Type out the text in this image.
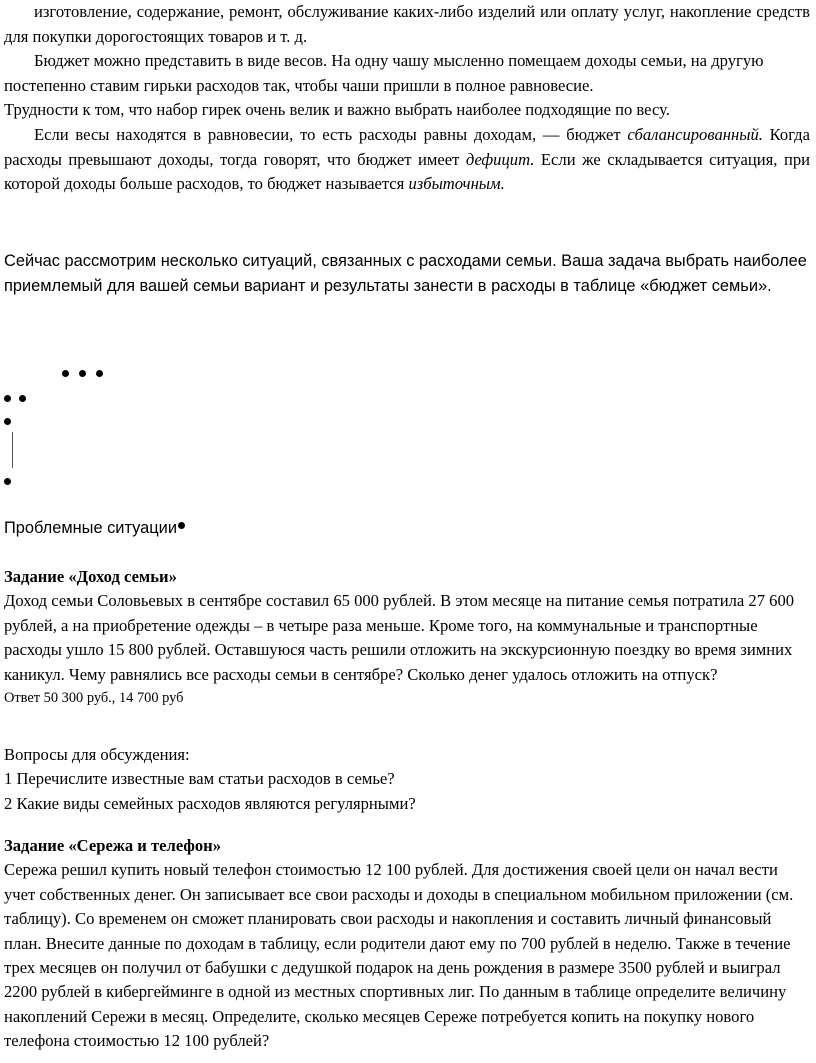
изготовление, содержание, ремонт, обслуживание каких-либо изделий или оплату услуг, накопление средств для покупки дорогостоящих товаров и т. д.

Бюджет можно представить в виде весов. На одну чашу мысленно помещаем доходы семьи, на другую постепенно ставим гирьки расходов так, чтобы чаши пришли в полное равновесие.

Трудности к том, что набор гирек очень велик и важно выбрать наиболее подходящие по весу.

Если весы находятся в равновесии, то есть расходы равны доходам, — бюджет сбалансированный. Когда расходы превышают доходы, тогда говорят, что бюджет имеет дефицит. Если же складывается ситуация, при которой доходы больше расходов, то бюджет называется избыточным.

Сейчас рассмотрим несколько ситуаций, связанных с расходами семьи. Ваша задача выбрать наиболее приемлемый для вашей семьи вариант и результаты занести в расходы в таблице «бюджет семьи».

Проблемные ситуации

Задание «Доход семьи»

Доход семьи Соловьевых в сентябре составил 65 000 рублей. В этом месяце на питание семья потратила 27 600 рублей, а на приобретение одежды – в четыре раза меньше. Кроме того, на коммунальные и транспортные расходы ушло 15 800 рублей. Оставшуюся часть решили отложить на экскурсионную поездку во время зимних каникул. Чему равнялись все расходы семьи в сентябре? Сколько денег удалось отложить на отпуск?

Ответ 50 300 руб., 14 700 руб

Вопросы для обсуждения:

1 Перечислите известные вам статьи расходов в семье?

2 Какие виды семейных расходов являются регулярными?

Задание «Сережа и телефон»

Сережа решил купить новый телефон стоимостью 12 100 рублей. Для достижения своей цели он начал вести учет собственных денег. Он записывает все свои расходы и доходы в специальном мобильном приложении (см. таблицу). Со временем он сможет планировать свои расходы и накопления и составить личный финансовый план. Внесите данные по доходам в таблицу, если родители дают ему по 700 рублей в неделю. Также в течение трех месяцев он получил от бабушки с дедушкой подарок на день рождения в размере 3500 рублей и выиграл 2200 рублей в кибергейминге в одной из местных спортивных лиг. По данным в таблице определите величину накоплений Сережи в месяц. Определите, сколько месяцев Сереже потребуется копить на покупку нового телефона стоимостью 12 100 рублей?
